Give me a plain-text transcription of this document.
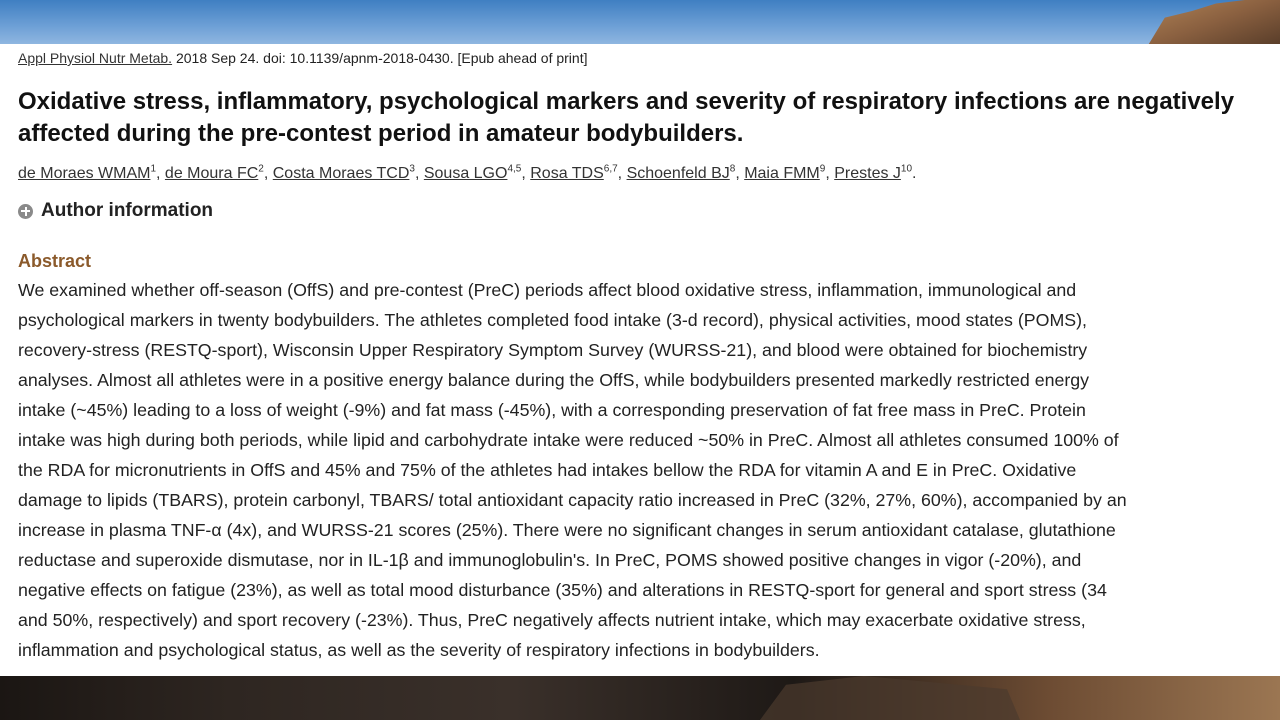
Appl Physiol Nutr Metab. 2018 Sep 24. doi: 10.1139/apnm-2018-0430. [Epub ahead of print]
Oxidative stress, inflammatory, psychological markers and severity of respiratory infections are negatively affected during the pre-contest period in amateur bodybuilders.
de Moraes WMAM$^1$, de Moura $FC^2$, Costa Moraes TCD$^3$, Sousa LGO$^{4,5}$, Rosa TDS$^{6,7}$, Schoenfeld $BJ^8$, Maia FMM$^9$, Prestes $J^{10}$.
Author information
Abstract
We examined whether off-season (OffS) and pre-contest (PreC) periods affect blood oxidative stress, inflammation, immunological and
psychological markers in twenty bodybuilders. The athletes completed food intake (3-d record), physical activities, mood states (POMS),
recovery-stress (RESTQ-sport), Wisconsin Upper Respiratory Symptom Survey (WURSS-21), and blood were obtained for biochemistry
analyses. Almost all athletes were in a positive energy balance during the OffS, while bodybuilders presented markedly restricted energy
intake (~45%) leading to a loss of weight (-9%) and fat mass (-45%), with a corresponding preservation of fat free mass in PreC. Protein
intake was high during both periods, while lipid and carbohydrate intake were reduced ~50% in PreC. Almost all athletes consumed 100% of
the RDA for micronutrients in OffS and 45% and 75% of the athletes had intakes bellow the RDA for vitamin A and E in PreC. Oxidative
damage to lipids (TBARS), protein carbonyl, TBARS/ total antioxidant capacity ratio increased in PreC (32%, 27%, 60%), accompanied by an
increase in plasma TNF-α (4x), and WURSS-21 scores (25%). There were no significant changes in serum antioxidant catalase, glutathione
reductase and superoxide dismutase, nor in IL-1β and immunoglobulin's. In PreC, POMS showed positive changes in vigor (-20%), and
negative effects on fatigue (23%), as well as total mood disturbance (35%) and alterations in RESTQ-sport for general and sport stress (34
and 50%, respectively) and sport recovery (-23%). Thus, PreC negatively affects nutrient intake, which may exacerbate oxidative stress,
inflammation and psychological status, as well as the severity of respiratory infections in bodybuilders.
